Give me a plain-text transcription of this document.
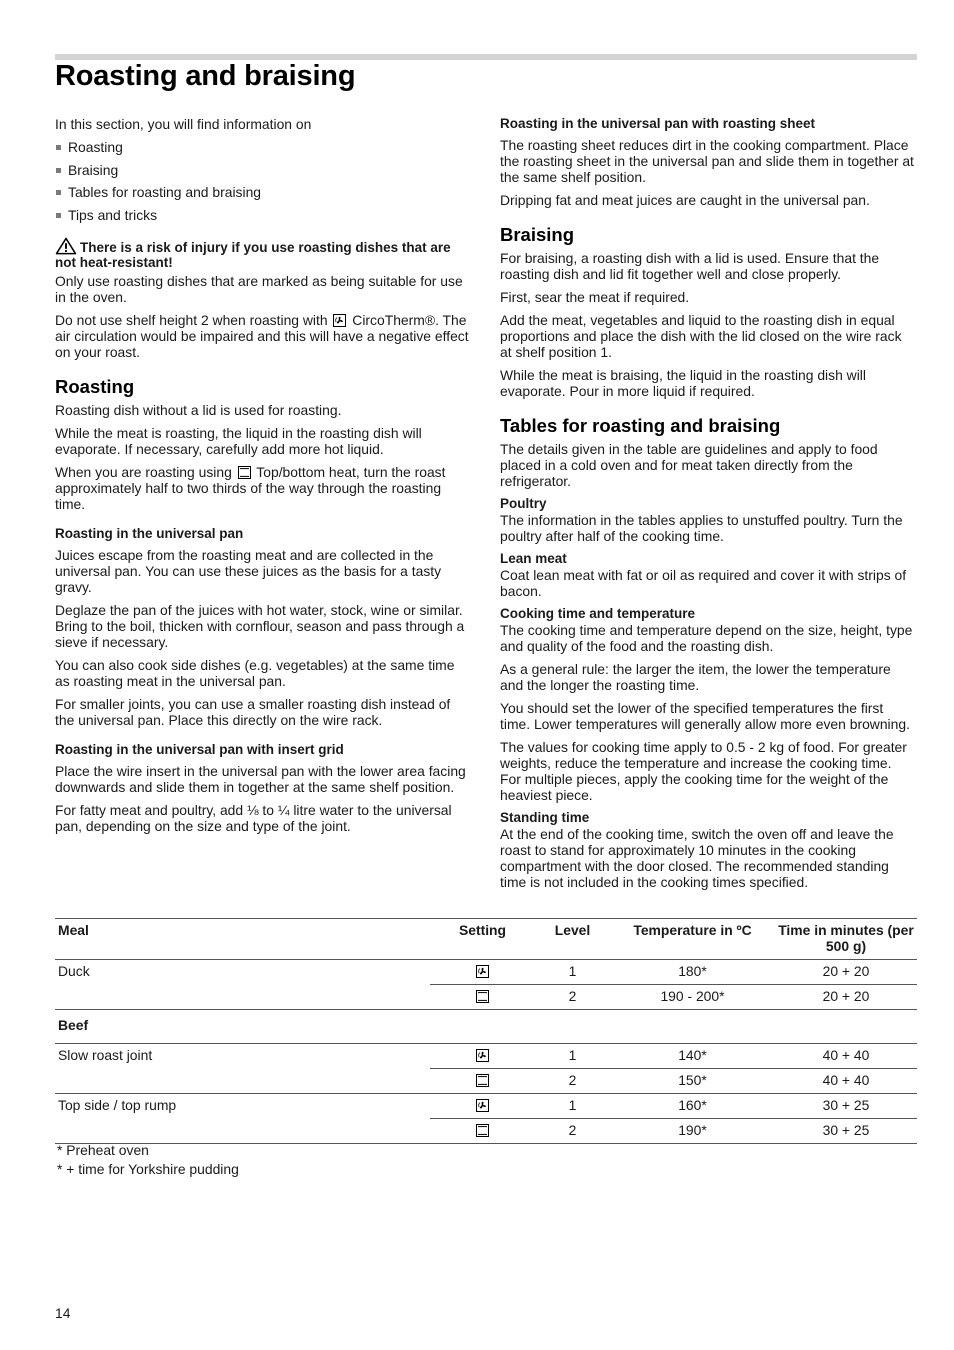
Roasting and braising

In this section, you will find information on

Roasting
Braising
Tables for roasting and braising
Tips and tricks
There is a risk of injury if you use roasting dishes that are not heat-resistant!

Only use roasting dishes that are marked as being suitable for use in the oven.

Do not use shelf height 2 when roasting with CircoTherm®. The air circulation would be impaired and this will have a negative effect on your roast.

Roasting

Roasting dish without a lid is used for roasting.

While the meat is roasting, the liquid in the roasting dish will evaporate. If necessary, carefully add more hot liquid.

When you are roasting using Top/bottom heat, turn the roast approximately half to two thirds of the way through the roasting time.

Roasting in the universal pan

Juices escape from the roasting meat and are collected in the universal pan. You can use these juices as the basis for a tasty gravy.

Deglaze the pan of the juices with hot water, stock, wine or similar. Bring to the boil, thicken with cornflour, season and pass through a sieve if necessary.

You can also cook side dishes (e.g. vegetables) at the same time as roasting meat in the universal pan.

For smaller joints, you can use a smaller roasting dish instead of the universal pan. Place this directly on the wire rack.

Roasting in the universal pan with insert grid

Place the wire insert in the universal pan with the lower area facing downwards and slide them in together at the same shelf position.

For fatty meat and poultry, add ⅛ to ¼ litre water to the universal pan, depending on the size and type of the joint.

Roasting in the universal pan with roasting sheet

The roasting sheet reduces dirt in the cooking compartment. Place the roasting sheet in the universal pan and slide them in together at the same shelf position.

Dripping fat and meat juices are caught in the universal pan.

Braising

For braising, a roasting dish with a lid is used. Ensure that the roasting dish and lid fit together well and close properly.

First, sear the meat if required.

Add the meat, vegetables and liquid to the roasting dish in equal proportions and place the dish with the lid closed on the wire rack at shelf position 1.

While the meat is braising, the liquid in the roasting dish will evaporate. Pour in more liquid if required.

Tables for roasting and braising

The details given in the table are guidelines and apply to food placed in a cold oven and for meat taken directly from the refrigerator.

Poultry

The information in the tables applies to unstuffed poultry. Turn the poultry after half of the cooking time.

Lean meat

Coat lean meat with fat or oil as required and cover it with strips of bacon.

Cooking time and temperature

The cooking time and temperature depend on the size, height, type and quality of the food and the roasting dish.

As a general rule: the larger the item, the lower the temperature and the longer the roasting time.

You should set the lower of the specified temperatures the first time. Lower temperatures will generally allow more even browning.

The values for cooking time apply to 0.5 - 2 kg of food. For greater weights, reduce the temperature and increase the cooking time. For multiple pieces, apply the cooking time for the weight of the heaviest piece.

Standing time

At the end of the cooking time, switch the oven off and leave the roast to stand for approximately 10 minutes in the cooking compartment with the door closed. The recommended standing time is not included in the cooking times specified.

Meal	Setting	Level	Temperature in ºC	Time in minutes (per 500 g)
Duck		1	180*	20 + 20
		2	190 - 200*	20 + 20
Beef				
Slow roast joint		1	140*	40 + 40
		2	150*	40 + 40
Top side / top rump		1	160*	30 + 25
		2	190*	30 + 25
* Preheat oven
* + time for Yorkshire pudding
14
